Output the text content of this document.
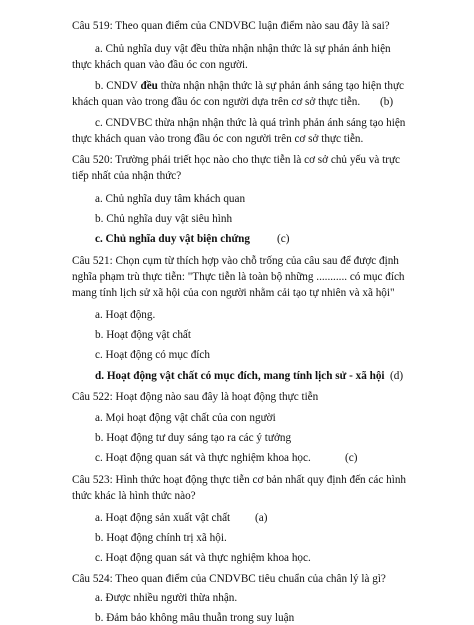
Câu 519: Theo quan điểm của CNDVBC luận điểm nào sau đây là sai?
a. Chủ nghĩa duy vật đều thừa nhận nhận thức là sự phản ánh hiện
thực khách quan vào đầu óc con người.
b. CNDV đều thừa nhận nhận thức là sự phản ánh sáng tạo hiện thực
khách quan vào trong đầu óc con người dựa trên cơ sở thực tiễn. (b)
c. CNDVBC thừa nhận nhận thức là quá trình phản ánh sáng tạo hiện
thực khách quan vào trong đầu óc con người trên cơ sở thực tiễn.
Câu 520: Trường phái triết học nào cho thực tiễn là cơ sở chủ yếu và trực
tiếp nhất của nhận thức?
a. Chủ nghĩa duy tâm khách quan
b. Chủ nghĩa duy vật siêu hình
c. Chủ nghĩa duy vật biện chứng (c)
Câu 521: Chọn cụm từ thích hợp vào chỗ trống của câu sau để được định
nghĩa phạm trù thực tiễn: "Thực tiễn là toàn bộ những ........... có mục đích
mang tính lịch sử xã hội của con người nhằm cải tạo tự nhiên và xã hội"
a. Hoạt động.
b. Hoạt động vật chất
c. Hoạt động có mục đích
d. Hoạt động vật chất có mục đích, mang tính lịch sử - xã hội (d)
Câu 522: Hoạt động nào sau đây là hoạt động thực tiễn
a. Mọi hoạt động vật chất của con người
b. Hoạt động tư duy sáng tạo ra các ý tưởng
c. Hoạt động quan sát và thực nghiệm khoa học.	(c)
Câu 523: Hình thức hoạt động thực tiễn cơ bản nhất quy định đến các hình
thức khác là hình thức nào?
a. Hoạt động sản xuất vật chất (a)
b. Hoạt động chính trị xã hội.
c. Hoạt động quan sát và thực nghiệm khoa học.
Câu 524: Theo quan điểm của CNDVBC tiêu chuẩn của chân lý là gì?
a. Được nhiều người thừa nhận.
b. Đảm bảo không mâu thuẫn trong suy luận
